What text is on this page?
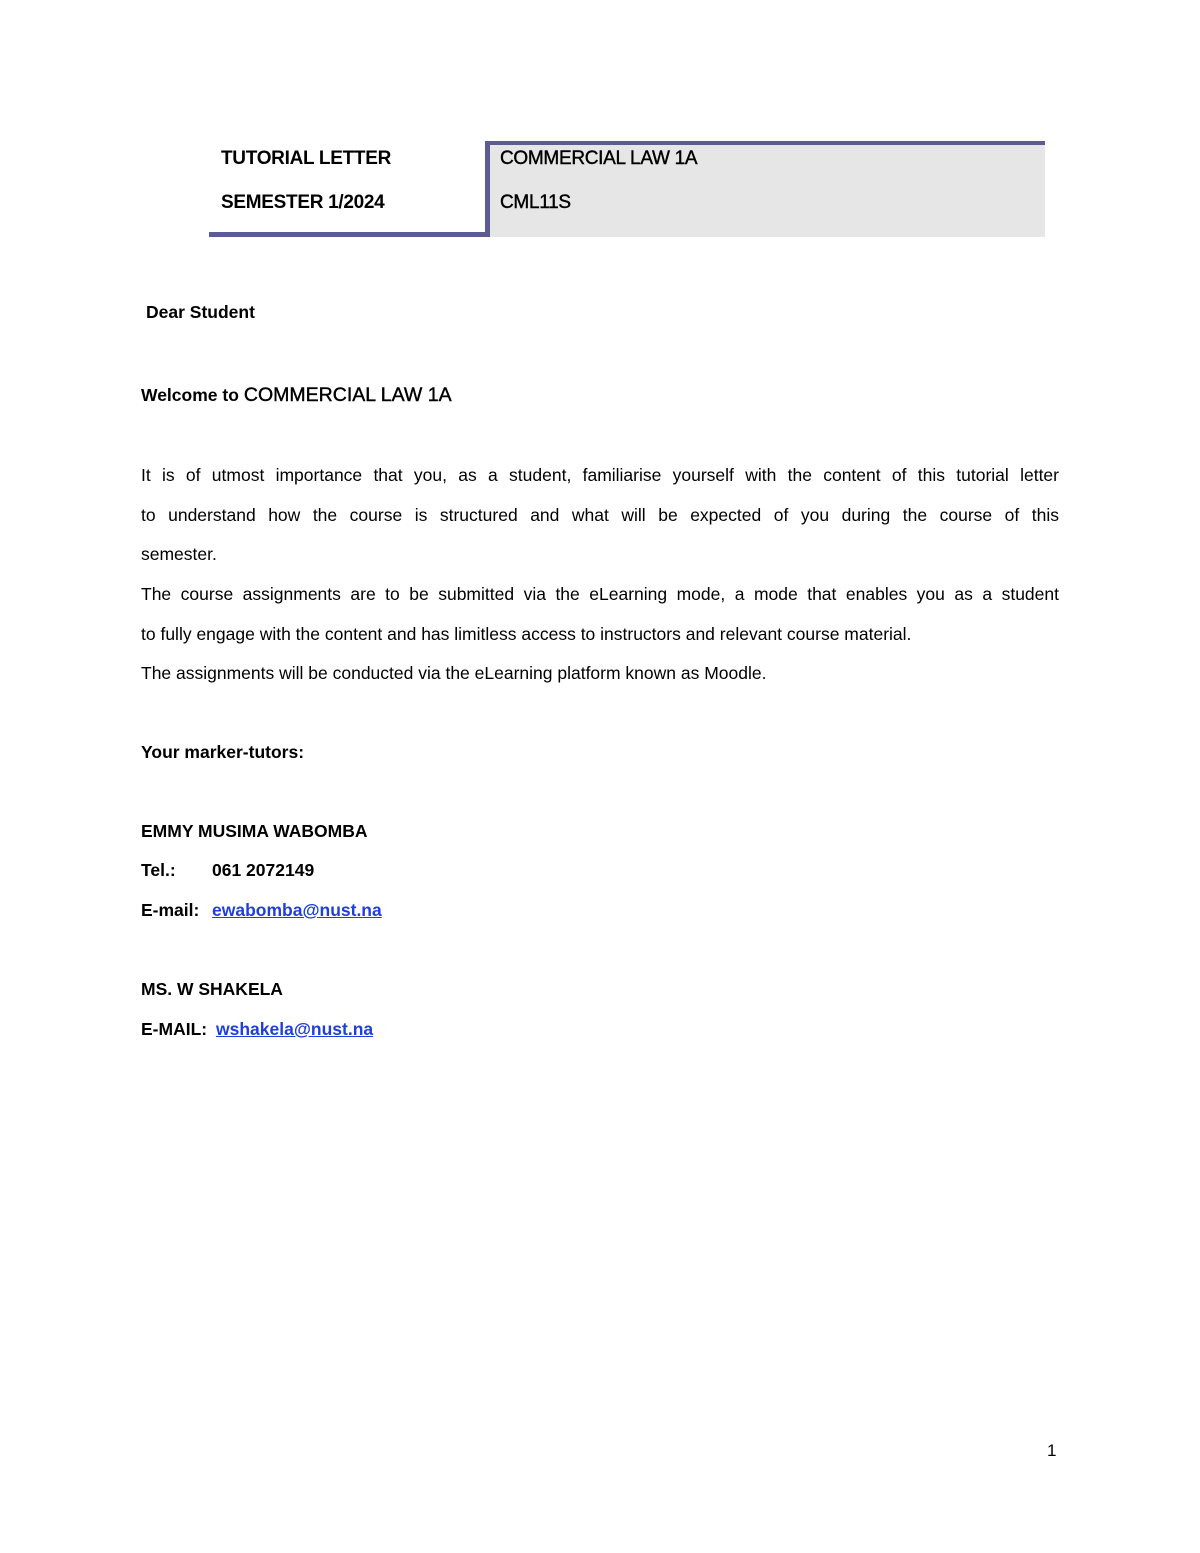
TUTORIAL LETTER
SEMESTER 1/2024
COMMERCIAL LAW 1A
CML11S
Dear Student
Welcome to COMMERCIAL LAW 1A
It is of utmost importance that you, as a student, familiarise yourself with the content of this tutorial letter
to understand how the course is structured and what will be expected of you during the course of this
semester.
The course assignments are to be submitted via the eLearning mode, a mode that enables you as a student
to fully engage with the content and has limitless access to instructors and relevant course material.
The assignments will be conducted via the eLearning platform known as Moodle.
Your marker-tutors:
EMMY MUSIMA WABOMBA
Tel.: 061 2072149
E-mail: ewabomba@nust.na
MS. W SHAKELA
E-MAIL: wshakela@nust.na
1
